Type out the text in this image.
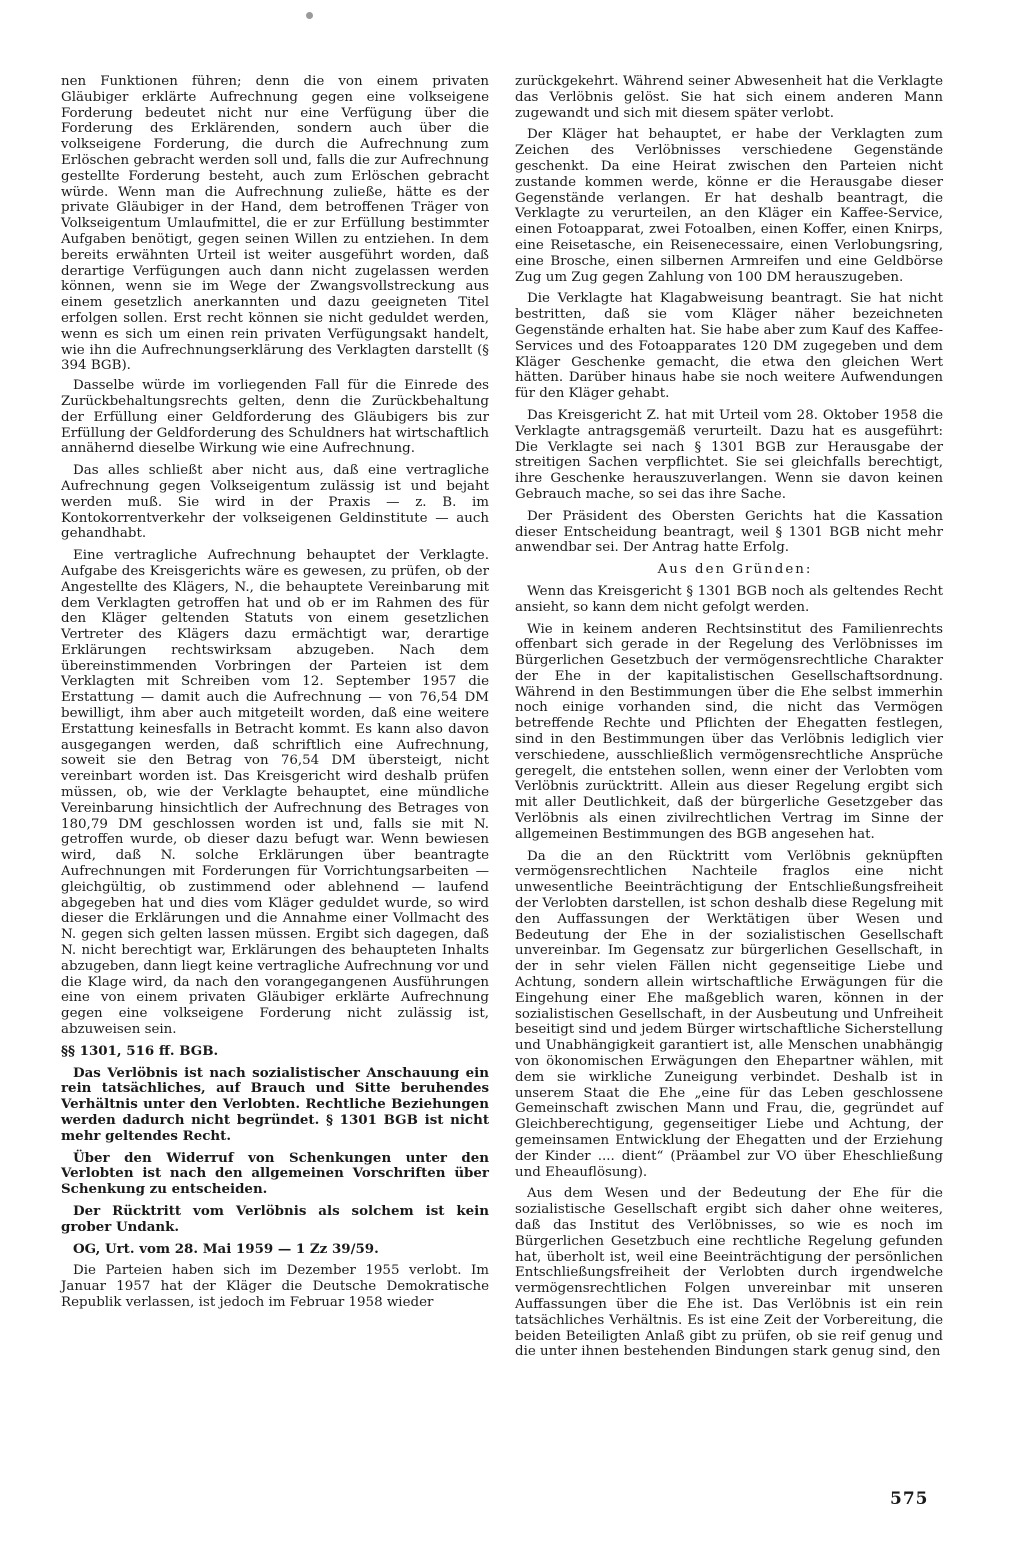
nen Funktionen führen; denn die von einem privaten Gläubiger erklärte Aufrechnung gegen eine volkseigene Forderung bedeutet nicht nur eine Verfügung über die Forderung des Erklärenden, sondern auch über die volkseigene Forderung, die durch die Aufrechnung zum Erlöschen gebracht werden soll und, falls die zur Aufrechnung gestellte Forderung besteht, auch zum Erlöschen gebracht würde. Wenn man die Aufrechnung zuließe, hätte es der private Gläubiger in der Hand, dem betroffenen Träger von Volkseigentum Umlaufmittel, die er zur Erfüllung bestimmter Aufgaben benötigt, gegen seinen Willen zu entziehen. In dem bereits erwähnten Urteil ist weiter ausgeführt worden, daß derartige Verfügungen auch dann nicht zugelassen werden können, wenn sie im Wege der Zwangsvollstreckung aus einem gesetzlich anerkannten und dazu geeigneten Titel erfolgen sollen. Erst recht können sie nicht geduldet werden, wenn es sich um einen rein privaten Verfügungsakt handelt, wie ihn die Aufrechnungserklärung des Verklagten darstellt (§ 394 BGB).

Dasselbe würde im vorliegenden Fall für die Einrede des Zurückbehaltungsrechts gelten, denn die Zurückbehaltung der Erfüllung einer Geldforderung des Gläubigers bis zur Erfüllung der Geldforderung des Schuldners hat wirtschaftlich annähernd dieselbe Wirkung wie eine Aufrechnung.

Das alles schließt aber nicht aus, daß eine vertragliche Aufrechnung gegen Volkseigentum zulässig ist und bejaht werden muß. Sie wird in der Praxis — z. B. im Kontokorrentverkehr der volkseigenen Geldinstitute — auch gehandhabt.

Eine vertragliche Aufrechnung behauptet der Verklagte. Aufgabe des Kreisgerichts wäre es gewesen, zu prüfen, ob der Angestellte des Klägers, N., die behauptete Vereinbarung mit dem Verklagten getroffen hat und ob er im Rahmen des für den Kläger geltenden Statuts von einem gesetzlichen Vertreter des Klägers dazu ermächtigt war, derartige Erklärungen rechtswirksam abzugeben. Nach dem übereinstimmenden Vorbringen der Parteien ist dem Verklagten mit Schreiben vom 12. September 1957 die Erstattung — damit auch die Aufrechnung — von 76,54 DM bewilligt, ihm aber auch mitgeteilt worden, daß eine weitere Erstattung keinesfalls in Betracht kommt. Es kann also davon ausgegangen werden, daß schriftlich eine Aufrechnung, soweit sie den Betrag von 76,54 DM übersteigt, nicht vereinbart worden ist. Das Kreisgericht wird deshalb prüfen müssen, ob, wie der Verklagte behauptet, eine mündliche Vereinbarung hinsichtlich der Aufrechnung des Betrages von 180,79 DM geschlossen worden ist und, falls sie mit N. getroffen wurde, ob dieser dazu befugt war. Wenn bewiesen wird, daß N. solche Erklärungen über beantragte Aufrechnungen mit Forderungen für Vorrichtungsarbeiten — gleichgültig, ob zustimmend oder ablehnend — laufend abgegeben hat und dies vom Kläger geduldet wurde, so wird dieser die Erklärungen und die Annahme einer Vollmacht des N. gegen sich gelten lassen müssen. Ergibt sich dagegen, daß N. nicht berechtigt war, Erklärungen des behaupteten Inhalts abzugeben, dann liegt keine vertragliche Aufrechnung vor und die Klage wird, da nach den vorangegangenen Ausführungen eine von einem privaten Gläubiger erklärte Aufrechnung gegen eine volkseigene Forderung nicht zulässig ist, abzuweisen sein.

§§ 1301, 516 ff. BGB.

Das Verlöbnis ist nach sozialistischer Anschauung ein rein tatsächliches, auf Brauch und Sitte beruhendes Verhältnis unter den Verlobten. Rechtliche Beziehungen werden dadurch nicht begründet. § 1301 BGB ist nicht mehr geltendes Recht.

Über den Widerruf von Schenkungen unter den Verlobten ist nach den allgemeinen Vorschriften über Schenkung zu entscheiden.

Der Rücktritt vom Verlöbnis als solchem ist kein grober Undank.

OG, Urt. vom 28. Mai 1959 — 1 Zz 39/59.

Die Parteien haben sich im Dezember 1955 verlobt. Im Januar 1957 hat der Kläger die Deutsche Demokratische Republik verlassen, ist jedoch im Februar 1958 wieder

zurückgekehrt. Während seiner Abwesenheit hat die Verklagte das Verlöbnis gelöst. Sie hat sich einem anderen Mann zugewandt und sich mit diesem später verlobt.

Der Kläger hat behauptet, er habe der Verklagten zum Zeichen des Verlöbnisses verschiedene Gegenstände geschenkt. Da eine Heirat zwischen den Parteien nicht zustande kommen werde, könne er die Herausgabe dieser Gegenstände verlangen. Er hat deshalb beantragt, die Verklagte zu verurteilen, an den Kläger ein Kaffee-Service, einen Fotoapparat, zwei Fotoalben, einen Koffer, einen Knirps, eine Reisetasche, ein Reisenecessaire, einen Verlobungsring, eine Brosche, einen silbernen Armreifen und eine Geldbörse Zug um Zug gegen Zahlung von 100 DM herauszugeben.

Die Verklagte hat Klagabweisung beantragt. Sie hat nicht bestritten, daß sie vom Kläger näher bezeichneten Gegenstände erhalten hat. Sie habe aber zum Kauf des Kaffee-Services und des Fotoapparates 120 DM zugegeben und dem Kläger Geschenke gemacht, die etwa den gleichen Wert hätten. Darüber hinaus habe sie noch weitere Aufwendungen für den Kläger gehabt.

Das Kreisgericht Z. hat mit Urteil vom 28. Oktober 1958 die Verklagte antragsgemäß verurteilt. Dazu hat es ausgeführt: Die Verklagte sei nach § 1301 BGB zur Herausgabe der streitigen Sachen verpflichtet. Sie sei gleichfalls berechtigt, ihre Geschenke herauszuverlangen. Wenn sie davon keinen Gebrauch mache, so sei das ihre Sache.

Der Präsident des Obersten Gerichts hat die Kassation dieser Entscheidung beantragt, weil § 1301 BGB nicht mehr anwendbar sei. Der Antrag hatte Erfolg.

Aus den Gründen:

Wenn das Kreisgericht § 1301 BGB noch als geltendes Recht ansieht, so kann dem nicht gefolgt werden.

Wie in keinem anderen Rechtsinstitut des Familienrechts offenbart sich gerade in der Regelung des Verlöbnisses im Bürgerlichen Gesetzbuch der vermögensrechtliche Charakter der Ehe in der kapitalistischen Gesellschaftsordnung. Während in den Bestimmungen über die Ehe selbst immerhin noch einige vorhanden sind, die nicht das Vermögen betreffende Rechte und Pflichten der Ehegatten festlegen, sind in den Bestimmungen über das Verlöbnis lediglich vier verschiedene, ausschließlich vermögensrechtliche Ansprüche geregelt, die entstehen sollen, wenn einer der Verlobten vom Verlöbnis zurücktritt. Allein aus dieser Regelung ergibt sich mit aller Deutlichkeit, daß der bürgerliche Gesetzgeber das Verlöbnis als einen zivilrechtlichen Vertrag im Sinne der allgemeinen Bestimmungen des BGB angesehen hat.

Da die an den Rücktritt vom Verlöbnis geknüpften vermögensrechtlichen Nachteile fraglos eine nicht unwesentliche Beeinträchtigung der Entschließungsfreiheit der Verlobten darstellen, ist schon deshalb diese Regelung mit den Auffassungen der Werktätigen über Wesen und Bedeutung der Ehe in der sozialistischen Gesellschaft unvereinbar. Im Gegensatz zur bürgerlichen Gesellschaft, in der in sehr vielen Fällen nicht gegenseitige Liebe und Achtung, sondern allein wirtschaftliche Erwägungen für die Eingehung einer Ehe maßgeblich waren, können in der sozialistischen Gesellschaft, in der Ausbeutung und Unfreiheit beseitigt sind und jedem Bürger wirtschaftliche Sicherstellung und Unabhängigkeit garantiert ist, alle Menschen unabhängig von ökonomischen Erwägungen den Ehepartner wählen, mit dem sie wirkliche Zuneigung verbindet. Deshalb ist in unserem Staat die Ehe „eine für das Leben geschlossene Gemeinschaft zwischen Mann und Frau, die, gegründet auf Gleichberechtigung, gegenseitiger Liebe und Achtung, der gemeinsamen Entwicklung der Ehegatten und der Erziehung der Kinder .... dient“ (Präambel zur VO über Eheschließung und Eheauflösung).

Aus dem Wesen und der Bedeutung der Ehe für die sozialistische Gesellschaft ergibt sich daher ohne weiteres, daß das Institut des Verlöbnisses, so wie es noch im Bürgerlichen Gesetzbuch eine rechtliche Regelung gefunden hat, überholt ist, weil eine Beeinträchtigung der persönlichen Entschließungsfreiheit der Verlobten durch irgendwelche vermögensrechtlichen Folgen unvereinbar mit unseren Auffassungen über die Ehe ist. Das Verlöbnis ist ein rein tatsächliches Verhältnis. Es ist eine Zeit der Vorbereitung, die beiden Beteiligten Anlaß gibt zu prüfen, ob sie reif genug und die unter ihnen bestehenden Bindungen stark genug sind, den

575
